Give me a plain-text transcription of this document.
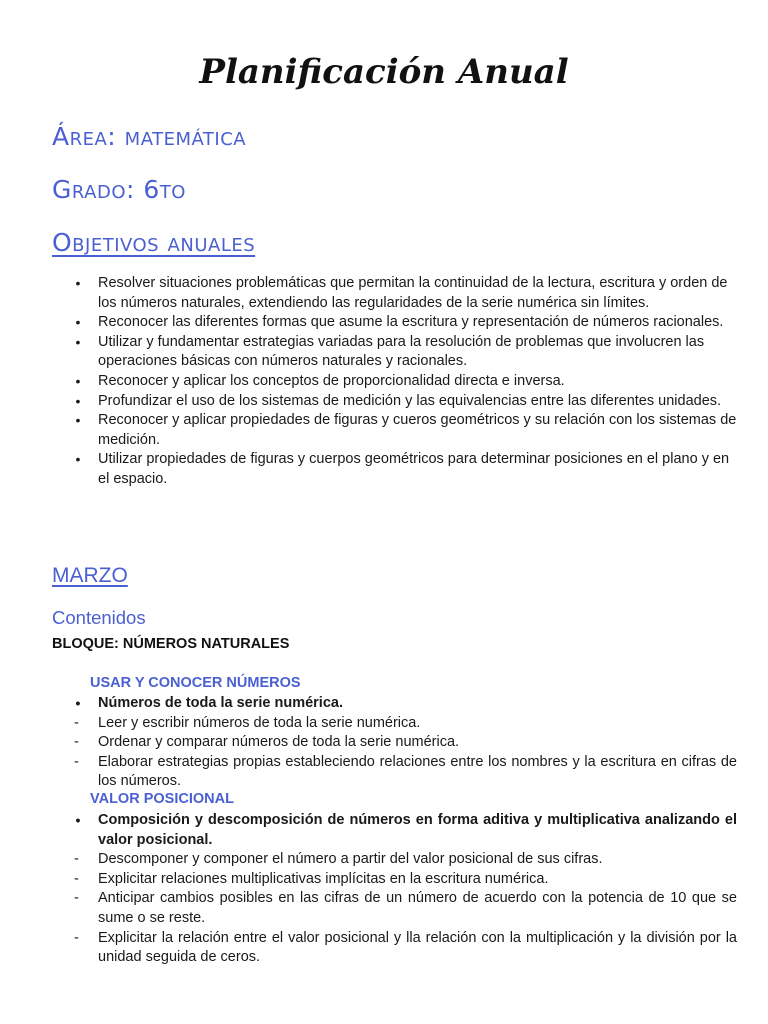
Planificación Anual
Área: matemática
Grado: 6to
Objetivos anuales
• Resolver situaciones problemáticas que permitan la continuidad de la lectura, escritura y orden de los números naturales, extendiendo las regularidades de la serie numérica sin límites.
• Reconocer las diferentes formas que asume la escritura y representación de números racionales.
• Utilizar y fundamentar estrategias variadas para la resolución de problemas que involucren las operaciones básicas con números naturales y racionales.
• Reconocer y aplicar los conceptos de proporcionalidad directa e inversa.
• Profundizar el uso de los sistemas de medición y las equivalencias entre las diferentes unidades.
• Reconocer y aplicar propiedades de figuras y cueros geométricos y su relación con los sistemas de medición.
• Utilizar propiedades de figuras y cuerpos geométricos para determinar posiciones en el plano y en el espacio.
MARZO
Contenidos

BLOQUE: NÚMEROS NATURALES

USAR Y CONOCER NÚMEROS

• Números de toda la serie numérica.
- Leer y escribir números de toda la serie numérica.
- Ordenar y comparar números de toda la serie numérica.
- Elaborar estrategias propias estableciendo relaciones entre los nombres y la escritura en cifras de los números.

VALOR POSICIONAL

• Composición y descomposición de números en forma aditiva y multiplicativa analizando el valor posicional.
- Descomponer y componer el número a partir del valor posicional de sus cifras.
- Explicitar relaciones multiplicativas implícitas en la escritura numérica.
- Anticipar cambios posibles en las cifras de un número de acuerdo con la potencia de 10 que se sume o se reste.
- Explicitar la relación entre el valor posicional y lla relación con la multiplicación y la división por la unidad seguida de ceros.
